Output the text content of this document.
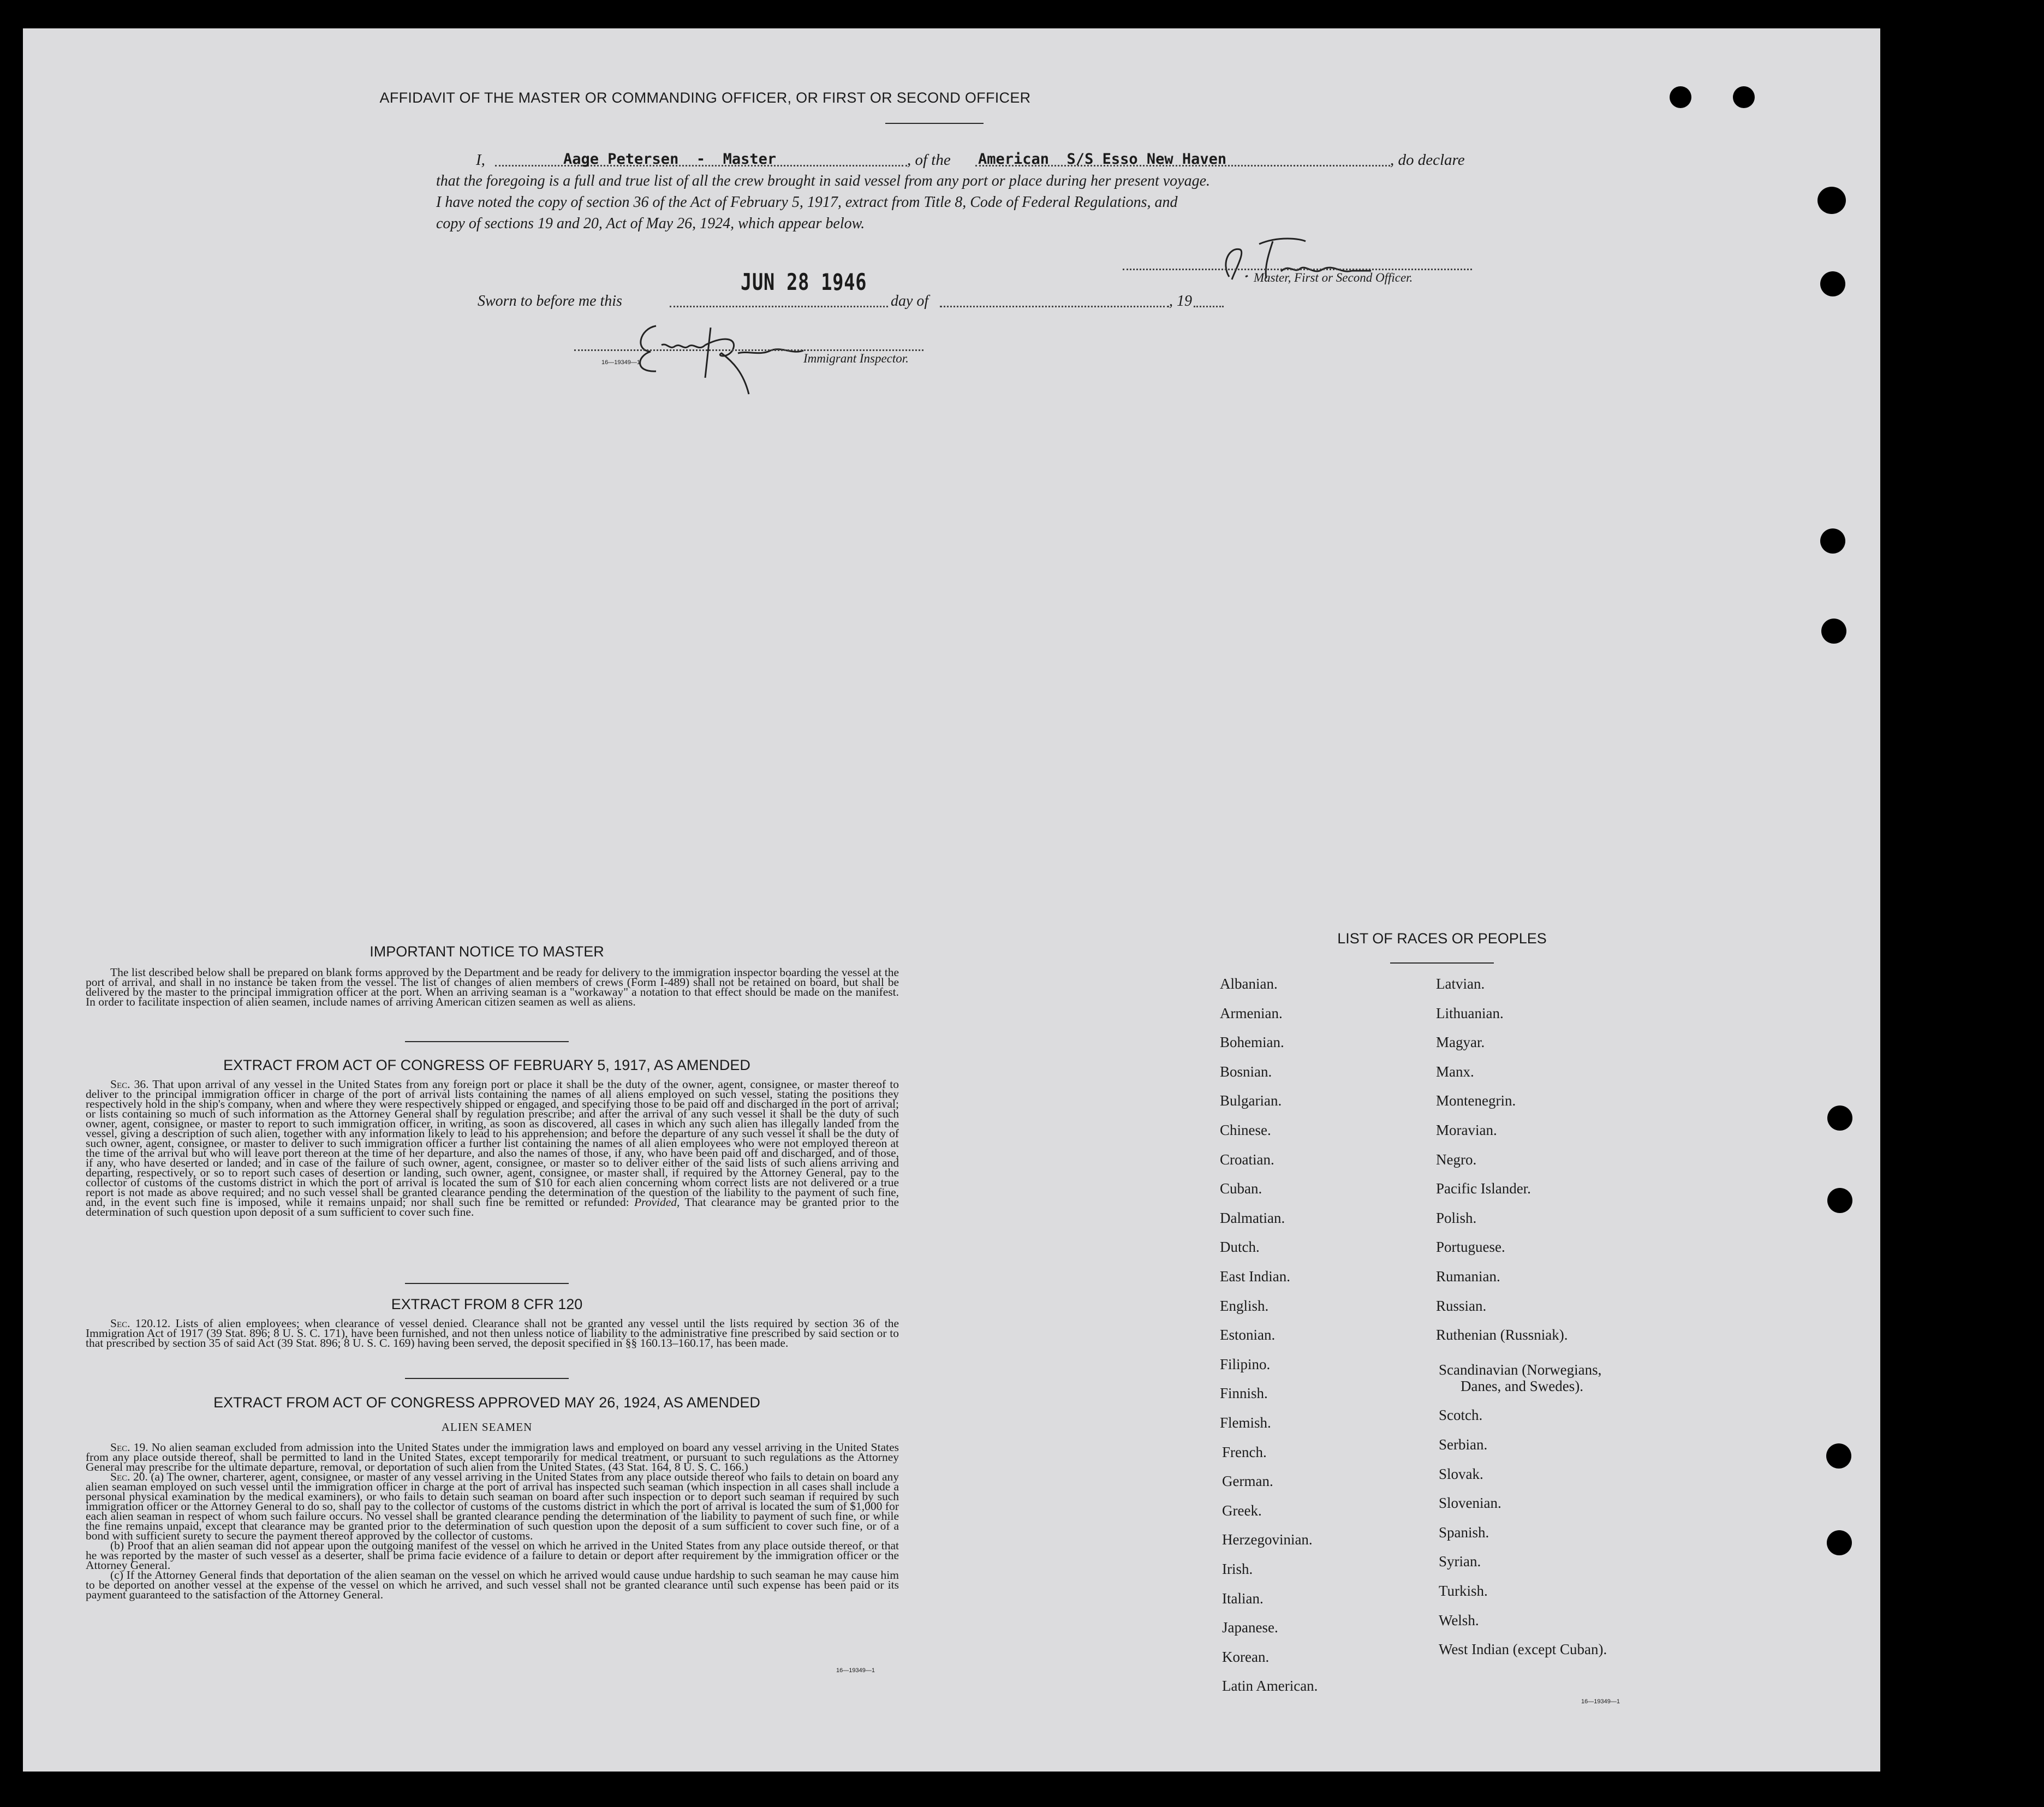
AFFIDAVIT OF THE MASTER OR COMMANDING OFFICER, OR FIRST OR SECOND OFFICER
I,	Aage Petersen  -  Master	, of the American  S/S Esso New Haven	, do declare
that the foregoing is a full and true list of all the crew brought in said vessel from any port or place during her present voyage.
I have noted the copy of section 36 of the Act of February 5, 1917, extract from Title 8, Code of Federal Regulations, and
copy of sections 19 and 20, Act of May 26, 1924, which appear below.
Master, First or Second Officer.
Sworn to before me this
JUN 28 1946
day of	, 19
Immigrant Inspector.
16—19349—1
IMPORTANT NOTICE TO MASTER
The list described below shall be prepared on blank forms approved by the Department and be ready for delivery to the immigration inspector boarding the vessel at the port of arrival, and shall in no instance be taken from the vessel. The list of changes of alien members of crews (Form I-489) shall not be retained on board, but shall be delivered by the master to the principal immigration officer at the port. When an arriving seaman is a "workaway" a notation to that effect should be made on the manifest. In order to facilitate inspection of alien seamen, include names of arriving American citizen seamen as well as aliens.
EXTRACT FROM ACT OF CONGRESS OF FEBRUARY 5, 1917, AS AMENDED
Sec. 36. That upon arrival of any vessel in the United States from any foreign port or place it shall be the duty of the owner, agent, consignee, or master thereof to deliver to the principal immigration officer in charge of the port of arrival lists containing the names of all aliens employed on such vessel, stating the positions they respectively hold in the ship's company, when and where they were respectively shipped or engaged, and specifying those to be paid off and discharged in the port of arrival; or lists containing so much of such information as the Attorney General shall by regulation prescribe; and after the arrival of any such vessel it shall be the duty of such owner, agent, consignee, or master to report to such immigration officer, in writing, as soon as discovered, all cases in which any such alien has illegally landed from the vessel, giving a description of such alien, together with any information likely to lead to his apprehension; and before the departure of any such vessel it shall be the duty of such owner, agent, consignee, or master to deliver to such immigration officer a further list containing the names of all alien employees who were not employed thereon at the time of the arrival but who will leave port thereon at the time of her departure, and also the names of those, if any, who have been paid off and discharged, and of those, if any, who have deserted or landed; and in case of the failure of such owner, agent, consignee, or master so to deliver either of the said lists of such aliens arriving and departing, respectively, or so to report such cases of desertion or landing, such owner, agent, consignee, or master shall, if required by the Attorney General, pay to the collector of customs of the customs district in which the port of arrival is located the sum of $10 for each alien concerning whom correct lists are not delivered or a true report is not made as above required; and no such vessel shall be granted clearance pending the determination of the question of the liability to the payment of such fine, and, in the event such fine is imposed, while it remains unpaid; nor shall such fine be remitted or refunded: Provided, That clearance may be granted prior to the determination of such question upon deposit of a sum sufficient to cover such fine.
EXTRACT FROM 8 CFR 120
Sec. 120.12. Lists of alien employees; when clearance of vessel denied. Clearance shall not be granted any vessel until the lists required by section 36 of the Immigration Act of 1917 (39 Stat. 896; 8 U. S. C. 171), have been furnished, and not then unless notice of liability to the administrative fine prescribed by said section or to that prescribed by section 35 of said Act (39 Stat. 896; 8 U. S. C. 169) having been served, the deposit specified in §§ 160.13–160.17, has been made.
EXTRACT FROM ACT OF CONGRESS APPROVED MAY 26, 1924, AS AMENDED
ALIEN SEAMEN
Sec. 19. No alien seaman excluded from admission into the United States under the immigration laws and employed on board any vessel arriving in the United States from any place outside thereof, shall be permitted to land in the United States, except temporarily for medical treatment, or pursuant to such regulations as the Attorney General may prescribe for the ultimate departure, removal, or deportation of such alien from the United States. (43 Stat. 164, 8 U. S. C. 166.)
Sec. 20. (a) The owner, charterer, agent, consignee, or master of any vessel arriving in the United States from any place outside thereof who fails to detain on board any alien seaman employed on such vessel until the immigration officer in charge at the port of arrival has inspected such seaman (which inspection in all cases shall include a personal physical examination by the medical examiners), or who fails to detain such seaman on board after such inspection or to deport such seaman if required by such immigration officer or the Attorney General to do so, shall pay to the collector of customs of the customs district in which the port of arrival is located the sum of $1,000 for each alien seaman in respect of whom such failure occurs. No vessel shall be granted clearance pending the determination of the liability to payment of such fine, or while the fine remains unpaid, except that clearance may be granted prior to the determination of such question upon the deposit of a sum sufficient to cover such fine, or of a bond with sufficient surety to secure the payment thereof approved by the collector of customs.
(b) Proof that an alien seaman did not appear upon the outgoing manifest of the vessel on which he arrived in the United States from any place outside thereof, or that he was reported by the master of such vessel as a deserter, shall be prima facie evidence of a failure to detain or deport after requirement by the immigration officer or the Attorney General.
(c) If the Attorney General finds that deportation of the alien seaman on the vessel on which he arrived would cause undue hardship to such seaman he may cause him to be deported on another vessel at the expense of the vessel on which he arrived, and such vessel shall not be granted clearance until such expense has been paid or its payment guaranteed to the satisfaction of the Attorney General.
16—19349—1
LIST OF RACES OR PEOPLES
Albanian.
Armenian.
Bohemian.
Bosnian.
Bulgarian.
Chinese.
Croatian.
Cuban.
Dalmatian.
Dutch.
East Indian.
English.
Estonian.
Filipino.
Finnish.
Flemish.
French.
German.
Greek.
Herzegovinian.
Irish.
Italian.
Japanese.
Korean.
Latin American.
Latvian.
Lithuanian.
Magyar.
Manx.
Montenegrin.
Moravian.
Negro.
Pacific Islander.
Polish.
Portuguese.
Rumanian.
Russian.
Ruthenian (Russniak).
Scandinavian (Norwegians,
Danes, and Swedes).
Scotch.
Serbian.
Slovak.
Slovenian.
Spanish.
Syrian.
Turkish.
Welsh.
West Indian (except Cuban).
16—19349—1
